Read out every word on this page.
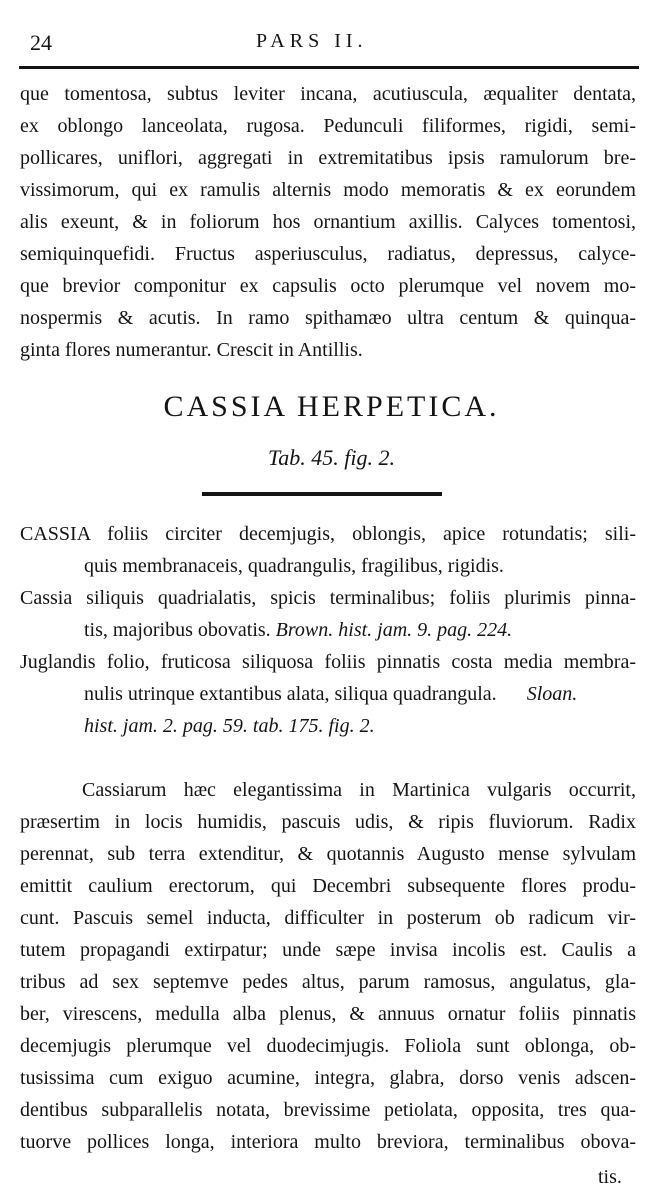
24	PARS II.
que tomentosa, subtus leviter incana, acutiuscula, æqualiter dentata,
ex oblongo lanceolata, rugosa. Pedunculi filiformes, rigidi, semi-
pollicares, uniflori, aggregati in extremitatibus ipsis ramulorum bre-
vissimorum, qui ex ramulis alternis modo memoratis & ex eorundem
alis exeunt, & in foliorum hos ornantium axillis. Calyces tomentosi,
semiquinquefidi. Fructus asperiusculus, radiatus, depressus, calyce-
que brevior componitur ex capsulis octo plerumque vel novem mo-
nospermis & acutis. In ramo spithamæo ultra centum & quinqua-
ginta flores numerantur. Crescit in Antillis.
CASSIA HERPETICA.
Tab. 45. fig. 2.
CASSIA foliis circiter decemjugis, oblongis, apice rotundatis; sili-
quis membranaceis, quadrangulis, fragilibus, rigidis.
Cassia siliquis quadrialatis, spicis terminalibus; foliis plurimis pinna-
tis, majoribus obovatis. Brown. hist. jam. 9. pag. 224.
Juglandis folio, fruticosa siliquosa foliis pinnatis costa media membra-
nulis utrinque extantibus alata, siliqua quadrangula. Sloan.
hist. jam. 2. pag. 59. tab. 175. fig. 2.
Cassiarum hæc elegantissima in Martinica vulgaris occurrit,
præsertim in locis humidis, pascuis udis, & ripis fluviorum. Radix
perennat, sub terra extenditur, & quotannis Augusto mense sylvulam
emittit caulium erectorum, qui Decembri subsequente flores produ-
cunt. Pascuis semel inducta, difficulter in posterum ob radicum vir-
tutem propagandi extirpatur; unde sæpe invisa incolis est. Caulis a
tribus ad sex septemve pedes altus, parum ramosus, angulatus, gla-
ber, virescens, medulla alba plenus, & annuus ornatur foliis pinnatis
decemjugis plerumque vel duodecimjugis. Foliola sunt oblonga, ob-
tusissima cum exiguo acumine, integra, glabra, dorso venis adscen-
dentibus subparallelis notata, brevissime petiolata, opposita, tres qua-
tuorve pollices longa, interiora multo breviora, terminalibus obova-
tis.
